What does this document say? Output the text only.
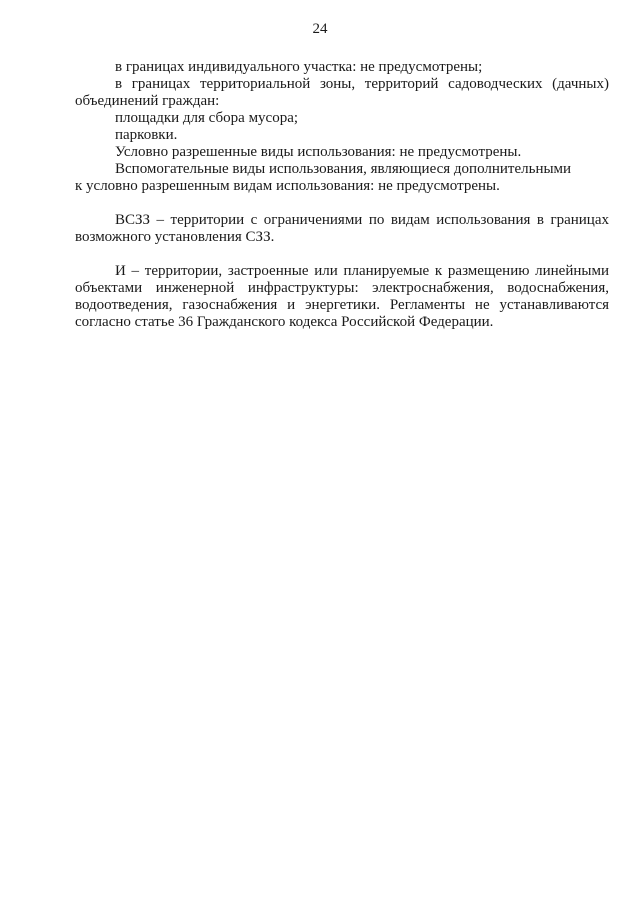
24
в границах индивидуального участка: не предусмотрены;

в границах территориальной зоны, территорий садоводческих (дачных) объединений граждан:

площадки для сбора мусора;
парковки.
Условно разрешенные виды использования: не предусмотрены.
Вспомогательные виды использования, являющиеся дополнительными
к условно разрешенным видам использования: не предусмотрены.

ВСЗЗ – территории с ограничениями по видам использования в границах возможного установления СЗЗ.

И – территории, застроенные или планируемые к размещению линейными объектами инженерной инфраструктуры: электроснабжения, водоснабжения, водоотведения, газоснабжения и энергетики. Регламенты не устанавливаются согласно статье 36 Гражданского кодекса Российской Федерации.
